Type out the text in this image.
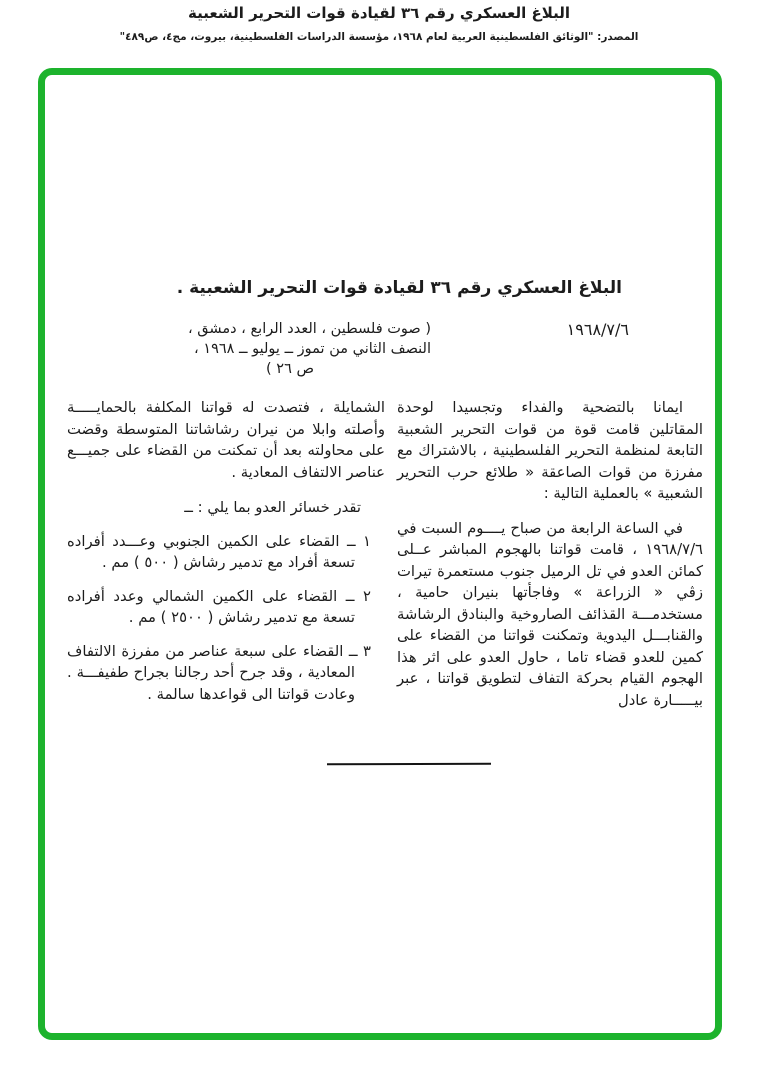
البلاغ العسكري رقم ٣٦ لقيادة قوات التحرير الشعبية
المصدر: "الوثائق الفلسطينية العربية لعام ١٩٦٨، مؤسسة الدراسات الفلسطينية، بيروت، مج٤، ص٤٨٩"
البلاغ العسكري رقم ٣٦ لقيادة قوات التحرير الشعبية .
١٩٦٨/٧/٦
( صوت فلسطين ، العدد الرابع ، دمشق ،
النصف الثاني من تموز ــ يوليو ــ ١٩٦٨ ،
ص ٢٦ )

ايمانا بالتضحية والفداء وتجسيدا لوحدة المقاتلين قامت قوة من قوات التحرير الشعبية التابعة لمنظمة التحرير الفلسطينية ، بالاشتراك مع مفرزة من قوات الصاعقة « طلائع حرب التحرير الشعبية » بالعملية التالية :

في الساعة الرابعة من صباح يــــوم السبت في ١٩٦٨/٧/٦ ، قامت قواتنا بالهجوم المباشر عــلى كمائن العدو في تل الرميل جنوب مستعمرة تيرات زڤي « الزراعة » وفاجأتها بنيران حامية ، مستخدمـــة القذائف الصاروخية والبنادق الرشاشة والقنابـــل اليدوية وتمكنت قواتنا من القضاء على كمين للعدو قضاء تاما ، حاول العدو على اثر هذا الهجوم القيام بحركة التفاف لتطويق قواتنا ، عبر بيـــــارة عادل

الشمايلة ، فتصدت له قواتنا المكلفة بالحمايـــــة وأصلته وابلا من نيران رشاشاتنا المتوسطة وقضت على محاولته بعد أن تمكنت من القضاء على جميـــع عناصر الالتفاف المعادية .

تقدر خسائر العدو بما يلي : ــ

١ ــ القضاء على الكمين الجنوبي وعـــدد أفراده تسعة أفراد مع تدمير رشاش ( ٥٠٠ ) مم .

٢ ــ القضاء على الكمين الشمالي وعدد أفراده تسعة مع تدمير رشاش ( ٢٥٠٠ ) مم .

٣ ــ القضاء على سبعة عناصر من مفرزة الالتفاف المعادية ، وقد جرح أحد رجالنا بجراح طفيفـــة . وعادت قواتنا الى قواعدها سالمة .
